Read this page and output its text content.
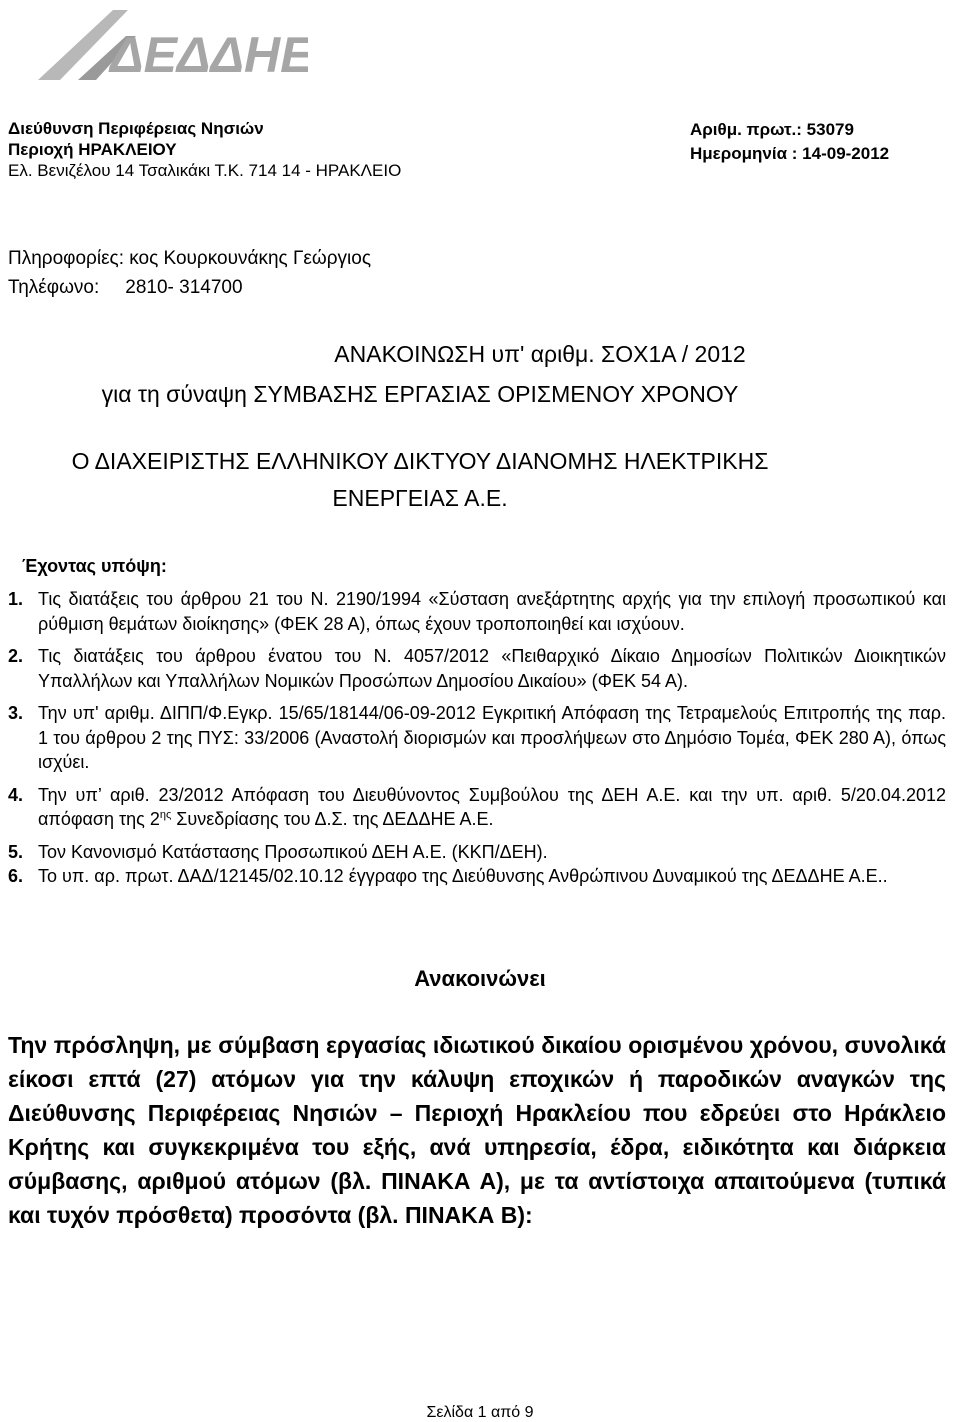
ΔΕΔΔΗΕ
Διεύθυνση Περιφέρειας Νησιών
Περιοχή ΗΡΑΚΛΕΙΟΥ
Ελ. Βενιζέλου 14 Τσαλικάκι Τ.Κ. 714 14 - ΗΡΑΚΛΕΙΟ
Αριθμ. πρωτ.: 53079
Ημερομηνία : 14-09-2012
Πληροφορίες: κος Κουρκουνάκης Γεώργιος
Τηλέφωνο: 2810- 314700
ΑΝΑΚΟΙΝΩΣΗ υπ' αριθμ. ΣΟΧ1Α / 2012
για τη σύναψη ΣΥΜΒΑΣΗΣ ΕΡΓΑΣΙΑΣ ΟΡΙΣΜΕΝΟΥ ΧΡΟΝΟΥ
Ο ΔΙΑΧΕΙΡΙΣΤΗΣ ΕΛΛΗΝΙΚΟΥ ΔΙΚΤΥΟΥ ΔΙΑΝΟΜΗΣ ΗΛΕΚΤΡΙΚΗΣ
ΕΝΕΡΓΕΙΑΣ Α.Ε.
Έχοντας υπόψη:
1. Τις διατάξεις του άρθρου 21 του Ν. 2190/1994 «Σύσταση ανεξάρτητης αρχής για την επιλογή προσωπικού και ρύθμιση θεμάτων διοίκησης» (ΦΕΚ 28 Α), όπως έχουν τροποποιηθεί και ισχύουν.
2. Τις διατάξεις του άρθρου ένατου του Ν. 4057/2012 «Πειθαρχικό Δίκαιο Δημοσίων Πολιτικών Διοικητικών Υπαλλήλων και Υπαλλήλων Νομικών Προσώπων Δημοσίου Δικαίου» (ΦΕΚ 54 Α).
3. Την υπ' αριθμ. ΔΙΠΠ/Φ.Εγκρ. 15/65/18144/06-09-2012 Εγκριτική Απόφαση της Τετραμελούς Επιτροπής της παρ. 1 του άρθρου 2 της ΠΥΣ: 33/2006 (Αναστολή διορισμών και προσλήψεων στο Δημόσιο Τομέα, ΦΕΚ 280 Α), όπως ισχύει.
4. Την υπ’ αριθ. 23/2012 Απόφαση του Διευθύνοντος Συμβούλου της ΔΕΗ Α.Ε. και την υπ. αριθ. 5/20.04.2012 απόφαση της $2^{\eta\varsigma}$ Συνεδρίασης του Δ.Σ. της ΔΕΔΔΗΕ Α.Ε.
5. Τον Κανονισμό Κατάστασης Προσωπικού ΔΕΗ Α.Ε. (ΚΚΠ/ΔΕΗ).
6. Το υπ. αρ. πρωτ. ΔΑΔ/12145/02.10.12 έγγραφο της Διεύθυνσης Ανθρώπινου Δυναμικού της ΔΕΔΔΗΕ Α.Ε..
Ανακοινώνει
Την πρόσληψη, με σύμβαση εργασίας ιδιωτικού δικαίου ορισμένου χρόνου, συνολικά είκοσι επτά (27) ατόμων για την κάλυψη εποχικών ή παροδικών αναγκών της Διεύθυνσης Περιφέρειας Νησιών – Περιοχή Ηρακλείου που εδρεύει στο Ηράκλειο Κρήτης και συγκεκριμένα του εξής, ανά υπηρεσία, έδρα, ειδικότητα και διάρκεια σύμβασης, αριθμού ατόμων (βλ. ΠΙΝΑΚΑ Α), με τα αντίστοιχα απαιτούμενα (τυπικά και τυχόν πρόσθετα) προσόντα (βλ. ΠΙΝΑΚΑ Β):
Σελίδα 1 από 9
